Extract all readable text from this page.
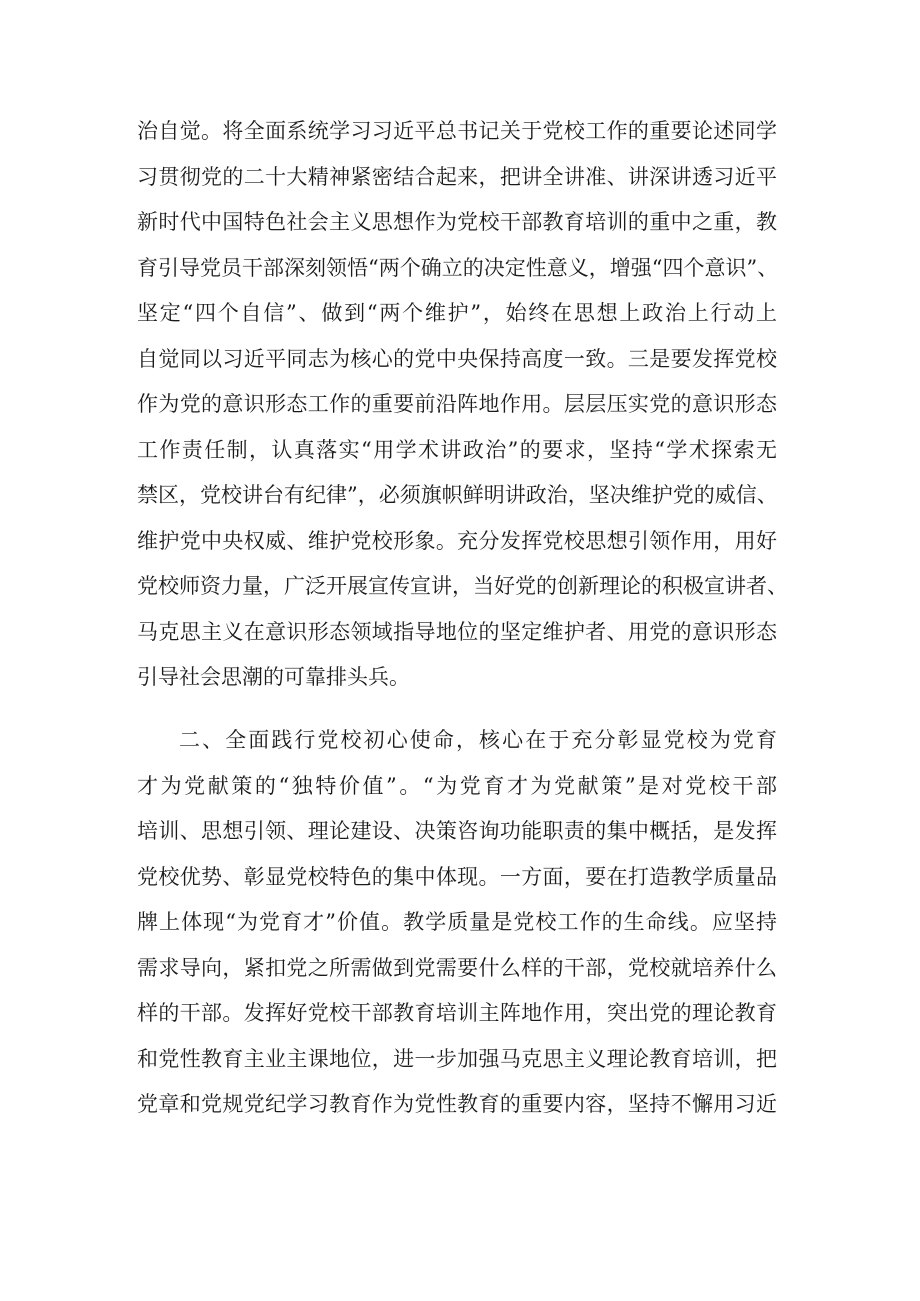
治自觉。将全面系统学习习近平总书记关于党校工作的重要论述同学
习贯彻党的二十大精神紧密结合起来，把讲全讲准、讲深讲透习近平
新时代中国特色社会主义思想作为党校干部教育培训的重中之重，教
育引导党员干部深刻领悟“两个确立的决定性意义，增强“四个意识”、
坚定“四个自信”、做到“两个维护”，始终在思想上政治上行动上
自觉同以习近平同志为核心的党中央保持高度一致。三是要发挥党校
作为党的意识形态工作的重要前沿阵地作用。层层压实党的意识形态
工作责任制，认真落实“用学术讲政治”的要求，坚持“学术探索无
禁区，党校讲台有纪律”，必须旗帜鲜明讲政治，坚决维护党的威信、
维护党中央权威、维护党校形象。充分发挥党校思想引领作用，用好
党校师资力量，广泛开展宣传宣讲，当好党的创新理论的积极宣讲者、
马克思主义在意识形态领域指导地位的坚定维护者、用党的意识形态
引导社会思潮的可靠排头兵。
二、全面践行党校初心使命，核心在于充分彰显党校为党育
才为党献策的“独特价值”。“为党育才为党献策”是对党校干部
培训、思想引领、理论建设、决策咨询功能职责的集中概括，是发挥
党校优势、彰显党校特色的集中体现。一方面，要在打造教学质量品
牌上体现“为党育才”价值。教学质量是党校工作的生命线。应坚持
需求导向，紧扣党之所需做到党需要什么样的干部，党校就培养什么
样的干部。发挥好党校干部教育培训主阵地作用，突出党的理论教育
和党性教育主业主课地位，进一步加强马克思主义理论教育培训，把
党章和党规党纪学习教育作为党性教育的重要内容，坚持不懈用习近
